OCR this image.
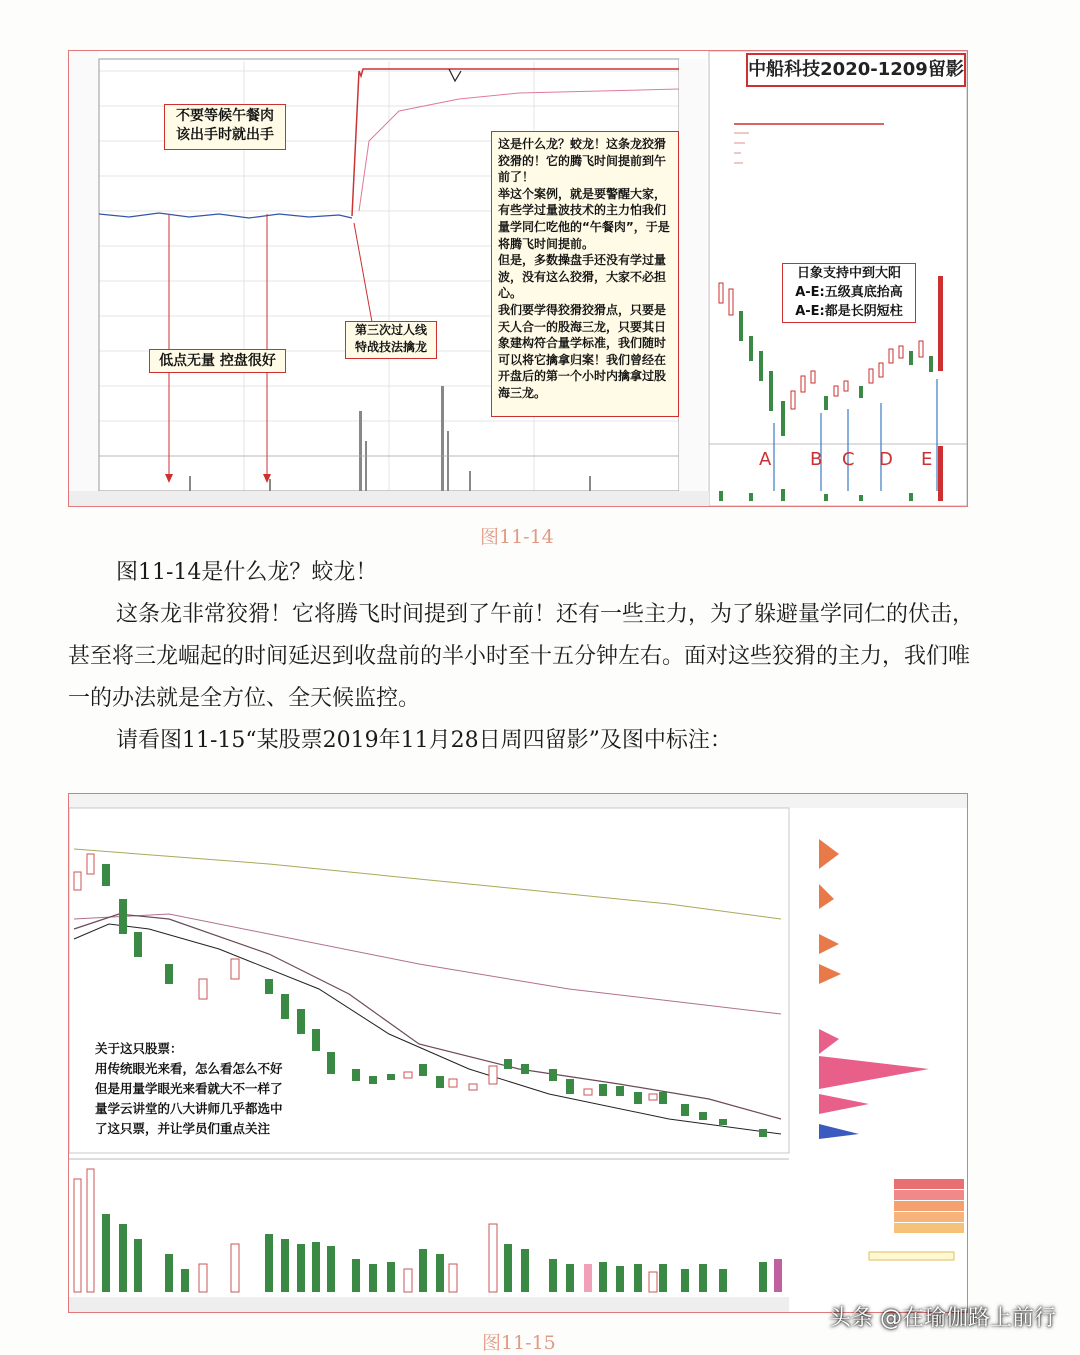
中船科技2020-1209留影
不要等候午餐肉
该出手时就出手
低点无量 控盘很好
第三次过人线
特战技法擒龙
这是什么龙？蛟龙！这条龙狡猾狡猾的！它的腾飞时间提前到午前了！
举这个案例，就是要警醒大家，有些学过量波技术的主力怕我们量学同仁吃他的“午餐肉”，于是将腾飞时间提前。
但是，多数操盘手还没有学过量波，没有这么狡猾，大家不必担心。
我们要学得狡猾狡猾点，只要是天人合一的股海三龙，只要其日象建构符合量学标准，我们随时可以将它擒拿归案！我们曾经在开盘后的第一个小时内擒拿过股海三龙。
日象支持中到大阳
A-E:五级真底抬高
A-E:都是长阴短柱
A B C D E
图11-14
图11-14是什么龙？蛟龙！
这条龙非常狡猾！它将腾飞时间提到了午前！还有一些主力，为了躲避量学同仁的伏击，甚至将三龙崛起的时间延迟到收盘前的半小时至十五分钟左右。面对这些狡猾的主力，我们唯一的办法就是全方位、全天候监控。
请看图11-15“某股票2019年11月28日周四留影”及图中标注：
关于这只股票：
用传统眼光来看，怎么看怎么不好
但是用量学眼光来看就大不一样了
量学云讲堂的八大讲师几乎都选中
了这只票，并让学员们重点关注
图11-15
头条 @在瑜伽路上前行
